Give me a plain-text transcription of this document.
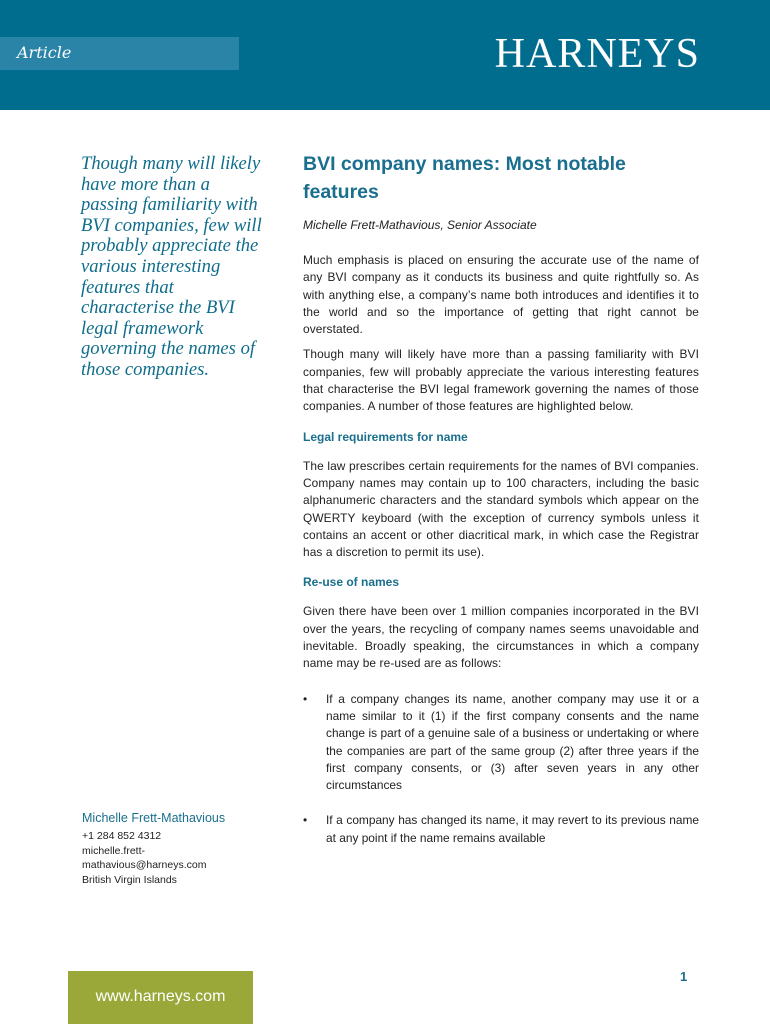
Article	HARNEYS
Though many will likely have more than a passing familiarity with BVI companies, few will probably appreciate the various interesting features that characterise the BVI legal framework governing the names of those companies.
Michelle Frett-Mathavious
+1 284 852 4312
michelle.frett-
mathavious@harneys.com
British Virgin Islands
www.harneys.com
BVI company names: Most notable features

Michelle Frett-Mathavious, Senior Associate

Much emphasis is placed on ensuring the accurate use of the name of any BVI company as it conducts its business and quite rightfully so. As with anything else, a company’s name both introduces and identifies it to the world and so the importance of getting that right cannot be overstated.

Though many will likely have more than a passing familiarity with BVI companies, few will probably appreciate the various interesting features that characterise the BVI legal framework governing the names of those companies. A number of those features are highlighted below.

Legal requirements for name

The law prescribes certain requirements for the names of BVI companies. Company names may contain up to 100 characters, including the basic alphanumeric characters and the standard symbols which appear on the QWERTY keyboard (with the exception of currency symbols unless it contains an accent or other diacritical mark, in which case the Registrar has a discretion to permit its use).

Re-use of names

Given there have been over 1 million companies incorporated in the BVI over the years, the recycling of company names seems unavoidable and inevitable. Broadly speaking, the circumstances in which a company name may be re-used are as follows:

• If a company changes its name, another company may use it or a name similar to it (1) if the first company consents and the name change is part of a genuine sale of a business or undertaking or where the companies are part of the same group (2) after three years if the first company consents, or (3) after seven years in any other circumstances
• If a company has changed its name, it may revert to its previous name at any point if the name remains available
1
